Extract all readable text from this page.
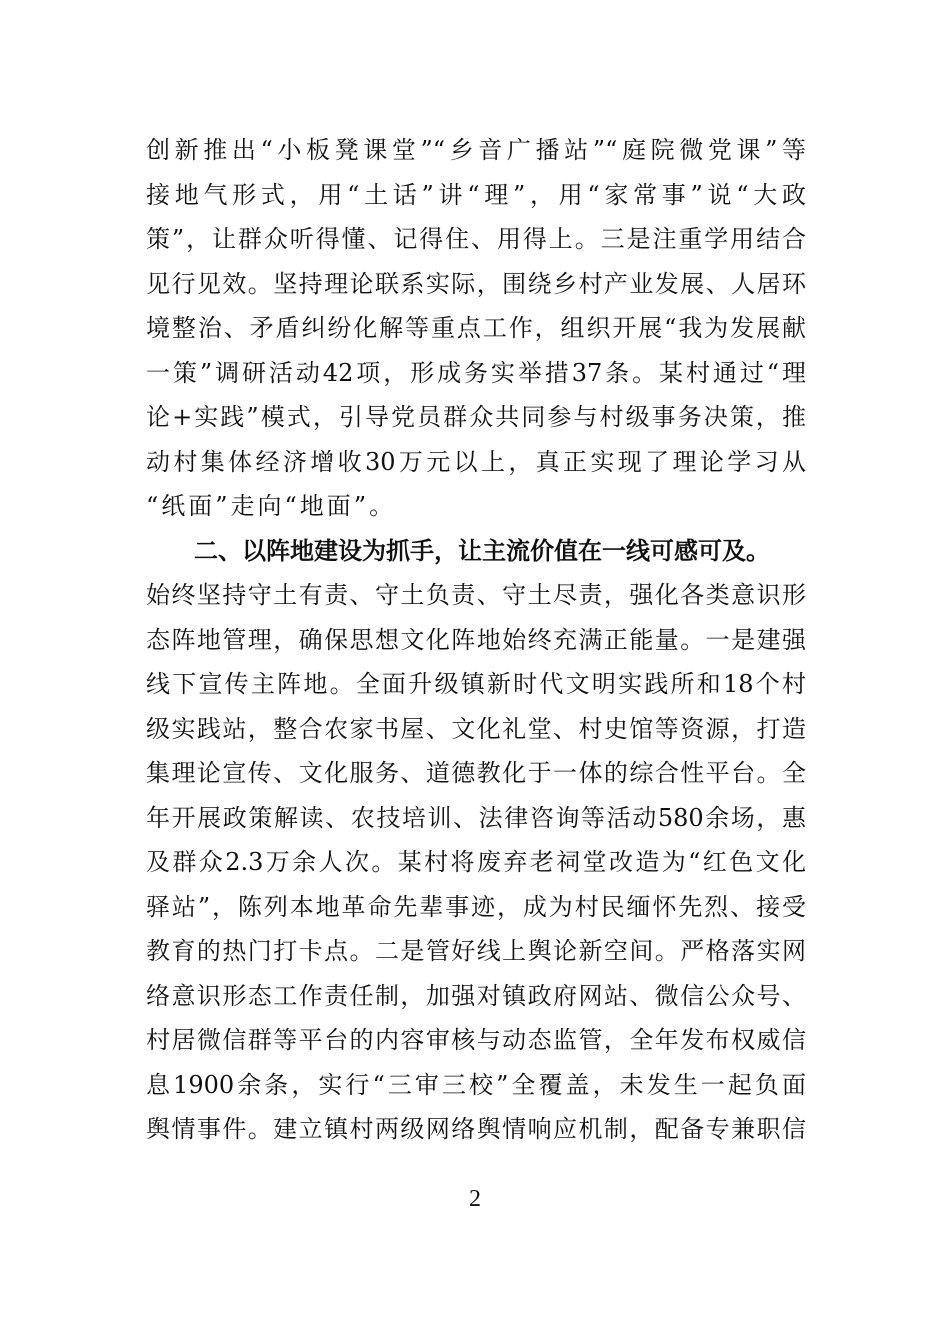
创新推出“小板凳课堂”“乡音广播站”“庭院微党课”等
接地气形式，用“土话”讲“理”，用“家常事”说“大政
策”，让群众听得懂、记得住、用得上。三是注重学用结合
见行见效。坚持理论联系实际，围绕乡村产业发展、人居环
境整治、矛盾纠纷化解等重点工作，组织开展“我为发展献
一策”调研活动42项，形成务实举措37条。某村通过“理
论+实践”模式，引导党员群众共同参与村级事务决策，推
动村集体经济增收30万元以上，真正实现了理论学习从
“纸面”走向“地面”。
二、以阵地建设为抓手，让主流价值在一线可感可及。
始终坚持守土有责、守土负责、守土尽责，强化各类意识形
态阵地管理，确保思想文化阵地始终充满正能量。一是建强
线下宣传主阵地。全面升级镇新时代文明实践所和18个村
级实践站，整合农家书屋、文化礼堂、村史馆等资源，打造
集理论宣传、文化服务、道德教化于一体的综合性平台。全
年开展政策解读、农技培训、法律咨询等活动580余场，惠
及群众2.3万余人次。某村将废弃老祠堂改造为“红色文化
驿站”，陈列本地革命先辈事迹，成为村民缅怀先烈、接受
教育的热门打卡点。二是管好线上舆论新空间。严格落实网
络意识形态工作责任制，加强对镇政府网站、微信公众号、
村居微信群等平台的内容审核与动态监管，全年发布权威信
息1900余条，实行“三审三校”全覆盖，未发生一起负面
舆情事件。建立镇村两级网络舆情响应机制，配备专兼职信
2
